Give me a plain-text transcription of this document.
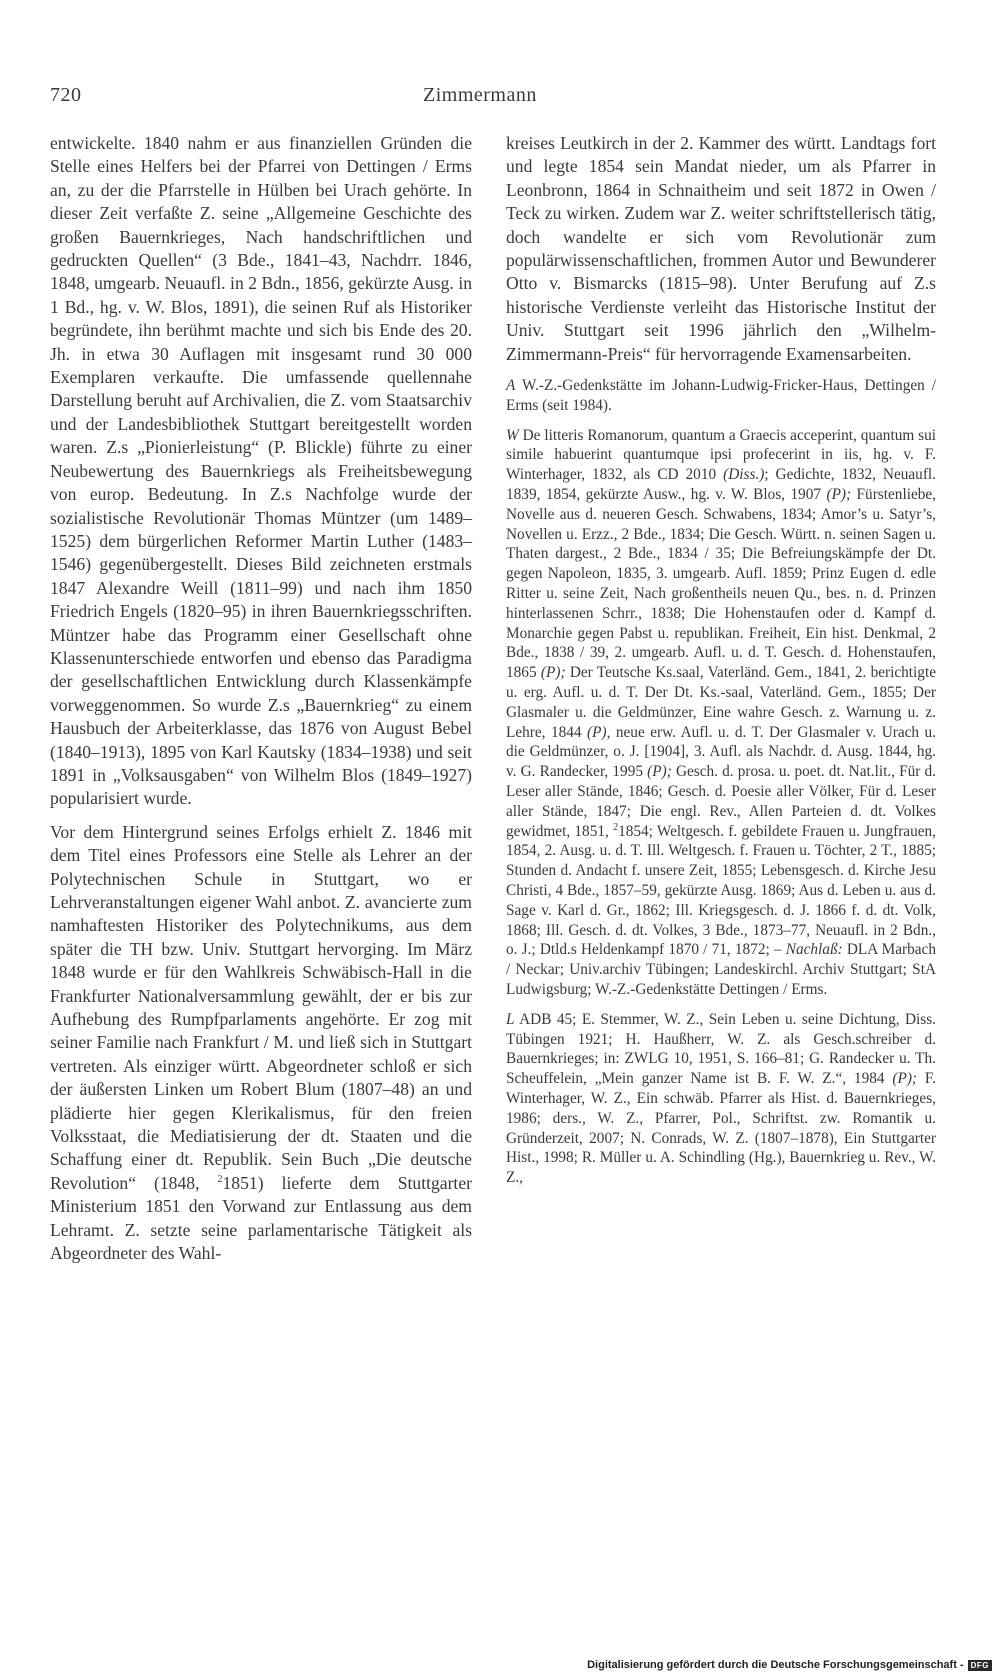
720	Zimmermann

entwickelte. 1840 nahm er aus finanziellen Gründen die Stelle eines Helfers bei der Pfarrei von Dettingen / Erms an, zu der die Pfarrstelle in Hülben bei Urach gehörte. In dieser Zeit verfaßte Z. seine „Allgemeine Geschichte des großen Bauernkrieges, Nach handschriftlichen und gedruckten Quellen“ (3 Bde., 1841–43, Nachdrr. 1846, 1848, umgearb. Neuaufl. in 2 Bdn., 1856, gekürzte Ausg. in 1 Bd., hg. v. W. Blos, 1891), die seinen Ruf als Historiker begründete, ihn berühmt machte und sich bis Ende des 20. Jh. in etwa 30 Auflagen mit insgesamt rund 30 000 Exemplaren verkaufte. Die umfassende quellennahe Darstellung beruht auf Archivalien, die Z. vom Staatsarchiv und der Landesbibliothek Stuttgart bereitgestellt worden waren. Z.s „Pionierleistung“ (P. Blickle) führte zu einer Neubewertung des Bauernkriegs als Freiheitsbewegung von europ. Bedeutung. In Z.s Nachfolge wurde der sozialistische Revolutionär Thomas Müntzer (um 1489–1525) dem bürgerlichen Reformer Martin Luther (1483–1546) gegenübergestellt. Dieses Bild zeichneten erstmals 1847 Alexandre Weill (1811–99) und nach ihm 1850 Friedrich Engels (1820–95) in ihren Bauernkriegsschriften. Müntzer habe das Programm einer Gesellschaft ohne Klassenunterschiede entworfen und ebenso das Paradigma der gesellschaftlichen Entwicklung durch Klassenkämpfe vorweggenommen. So wurde Z.s „Bauernkrieg“ zu einem Hausbuch der Arbeiterklasse, das 1876 von August Bebel (1840–1913), 1895 von Karl Kautsky (1834–1938) und seit 1891 in „Volksausgaben“ von Wilhelm Blos (1849–1927) popularisiert wurde.

Vor dem Hintergrund seines Erfolgs erhielt Z. 1846 mit dem Titel eines Professors eine Stelle als Lehrer an der Polytechnischen Schule in Stuttgart, wo er Lehrveranstaltungen eigener Wahl anbot. Z. avancierte zum namhaftesten Historiker des Polytechnikums, aus dem später die TH bzw. Univ. Stuttgart hervorging. Im März 1848 wurde er für den Wahlkreis Schwäbisch-Hall in die Frankfurter Nationalversammlung gewählt, der er bis zur Aufhebung des Rumpfparlaments angehörte. Er zog mit seiner Familie nach Frankfurt / M. und ließ sich in Stuttgart vertreten. Als einziger württ. Abgeordneter schloß er sich der äußersten Linken um Robert Blum (1807–48) an und plädierte hier gegen Klerikalismus, für den freien Volksstaat, die Mediatisierung der dt. Staaten und die Schaffung einer dt. Republik. Sein Buch „Die deutsche Revolution“ (1848, $^2$1851) lieferte dem Stuttgarter Ministerium 1851 den Vorwand zur Entlassung aus dem Lehramt. Z. setzte seine parlamentarische Tätigkeit als Abgeordneter des Wahl-

kreises Leutkirch in der 2. Kammer des württ. Landtags fort und legte 1854 sein Mandat nieder, um als Pfarrer in Leonbronn, 1864 in Schnaitheim und seit 1872 in Owen / Teck zu wirken. Zudem war Z. weiter schriftstellerisch tätig, doch wandelte er sich vom Revolutionär zum populärwissenschaftlichen, frommen Autor und Bewunderer Otto v. Bismarcks (1815–98). Unter Berufung auf Z.s historische Verdienste verleiht das Historische Institut der Univ. Stuttgart seit 1996 jährlich den „Wilhelm-Zimmermann-Preis“ für hervorragende Examensarbeiten.

A W.-Z.-Gedenkstätte im Johann-Ludwig-Fricker-Haus, Dettingen / Erms (seit 1984).

W De litteris Romanorum, quantum a Graecis acceperint, quantum sui simile habuerint quantumque ipsi profecerint in iis, hg. v. F. Winterhager, 1832, als CD 2010 (Diss.); Gedichte, 1832, Neuaufl. 1839, 1854, gekürzte Ausw., hg. v. W. Blos, 1907 (P); Fürstenliebe, Novelle aus d. neueren Gesch. Schwabens, 1834; Amor’s u. Satyr’s, Novellen u. Erzz., 2 Bde., 1834; Die Gesch. Württ. n. seinen Sagen u. Thaten dargest., 2 Bde., 1834 / 35; Die Befreiungskämpfe der Dt. gegen Napoleon, 1835, 3. umgearb. Aufl. 1859; Prinz Eugen d. edle Ritter u. seine Zeit, Nach großentheils neuen Qu., bes. n. d. Prinzen hinterlassenen Schrr., 1838; Die Hohenstaufen oder d. Kampf d. Monarchie gegen Pabst u. republikan. Freiheit, Ein hist. Denkmal, 2 Bde., 1838 / 39, 2. umgearb. Aufl. u. d. T. Gesch. d. Hohenstaufen, 1865 (P); Der Teutsche Ks.saal, Vaterländ. Gem., 1841, 2. berichtigte u. erg. Aufl. u. d. T. Der Dt. Ks.-saal, Vaterländ. Gem., 1855; Der Glasmaler u. die Geldmünzer, Eine wahre Gesch. z. Warnung u. z. Lehre, 1844 (P), neue erw. Aufl. u. d. T. Der Glasmaler v. Urach u. die Geldmünzer, o. J. [1904], 3. Aufl. als Nachdr. d. Ausg. 1844, hg. v. G. Randecker, 1995 (P); Gesch. d. prosa. u. poet. dt. Nat.lit., Für d. Leser aller Stände, 1846; Gesch. d. Poesie aller Völker, Für d. Leser aller Stände, 1847; Die engl. Rev., Allen Parteien d. dt. Volkes gewidmet, 1851, $^2$1854; Weltgesch. f. gebildete Frauen u. Jungfrauen, 1854, 2. Ausg. u. d. T. Ill. Weltgesch. f. Frauen u. Töchter, 2 T., 1885; Stunden d. Andacht f. unsere Zeit, 1855; Lebensgesch. d. Kirche Jesu Christi, 4 Bde., 1857–59, gekürzte Ausg. 1869; Aus d. Leben u. aus d. Sage v. Karl d. Gr., 1862; Ill. Kriegsgesch. d. J. 1866 f. d. dt. Volk, 1868; Ill. Gesch. d. dt. Volkes, 3 Bde., 1873–77, Neuaufl. in 2 Bdn., o. J.; Dtld.s Heldenkampf 1870 / 71, 1872; – Nachlaß: DLA Marbach / Neckar; Univ.archiv Tübingen; Landeskirchl. Archiv Stuttgart; StA Ludwigsburg; W.-Z.-Gedenkstätte Dettingen / Erms.

L ADB 45; E. Stemmer, W. Z., Sein Leben u. seine Dichtung, Diss. Tübingen 1921; H. Haußherr, W. Z. als Gesch.schreiber d. Bauernkrieges; in: ZWLG 10, 1951, S. 166–81; G. Randecker u. Th. Scheuffelein, „Mein ganzer Name ist B. F. W. Z.“, 1984 (P); F. Winterhager, W. Z., Ein schwäb. Pfarrer als Hist. d. Bauernkrieges, 1986; ders., W. Z., Pfarrer, Pol., Schriftst. zw. Romantik u. Gründerzeit, 2007; N. Conrads, W. Z. (1807–1878), Ein Stuttgarter Hist., 1998; R. Müller u. A. Schindling (Hg.), Bauernkrieg u. Rev., W. Z.,

Digitalisierung gefördert durch die Deutsche Forschungsgemeinschaft - DFG
